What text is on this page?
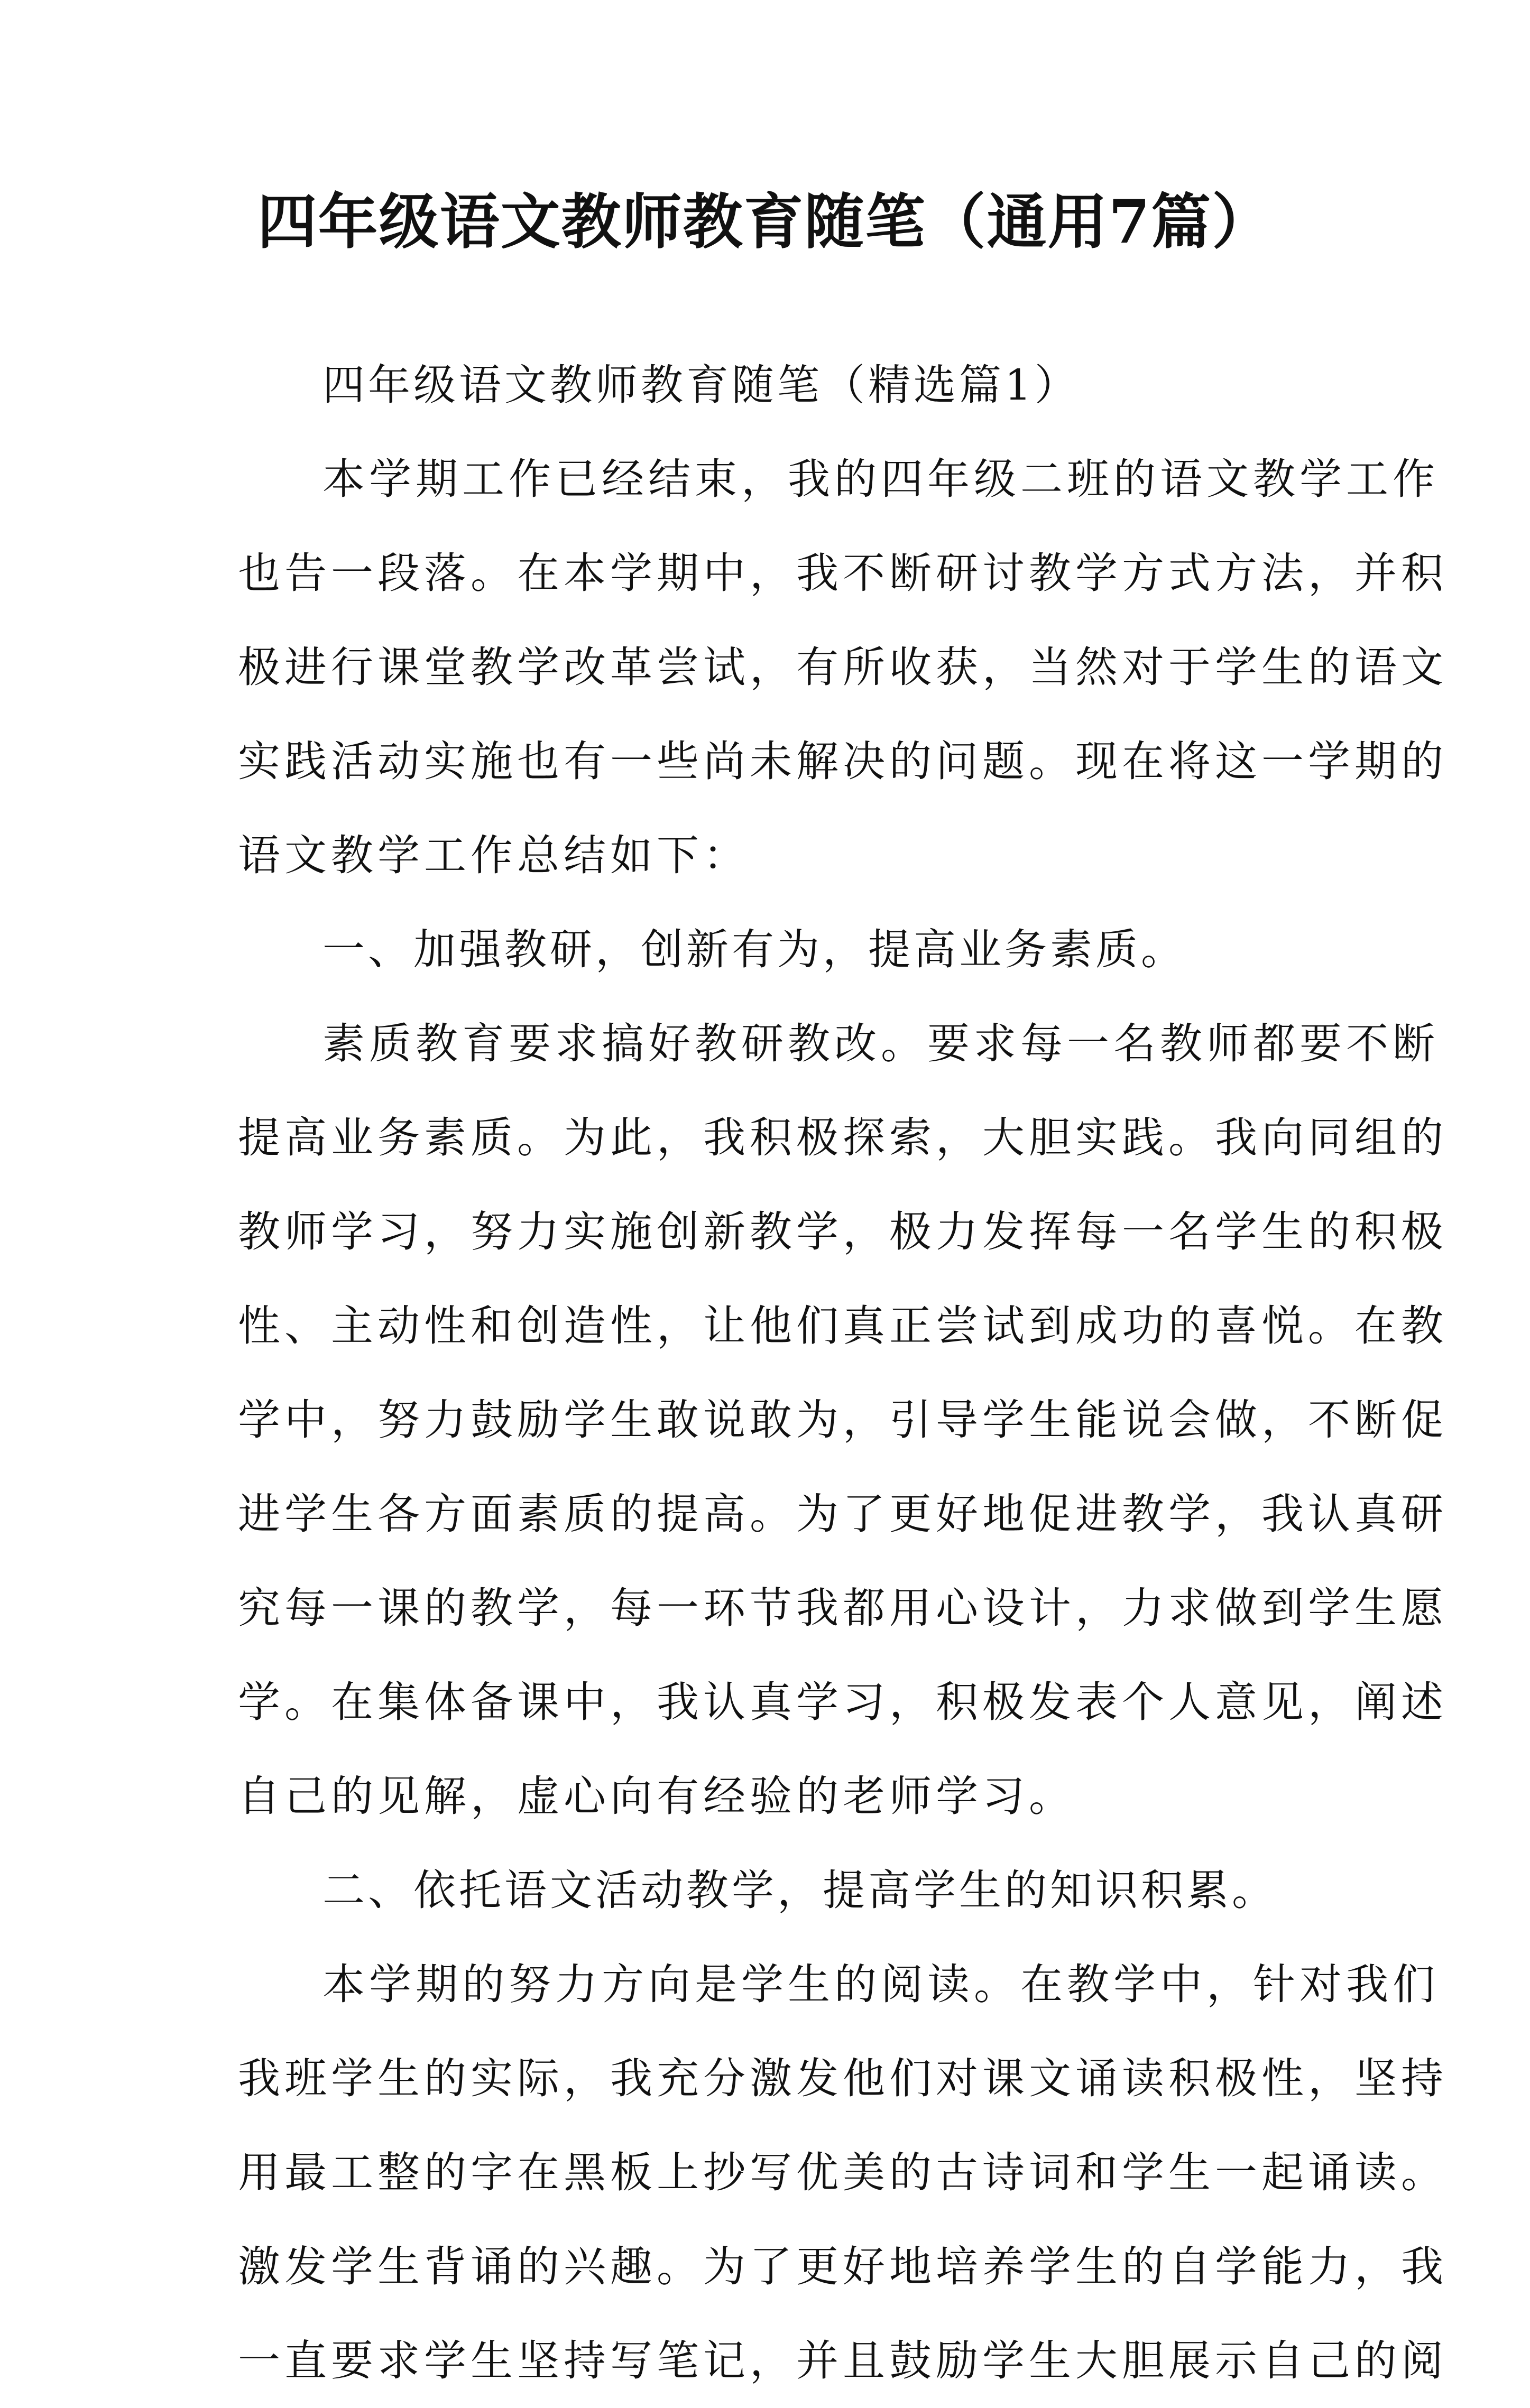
四年级语文教师教育随笔（通用7篇）
四年级语文教师教育随笔（精选篇1）
本学期工作已经结束，我的四年级二班的语文教学工作
也告一段落。在本学期中，我不断研讨教学方式方法，并积
极进行课堂教学改革尝试，有所收获，当然对于学生的语文
实践活动实施也有一些尚未解决的问题。现在将这一学期的
语文教学工作总结如下：
一、加强教研，创新有为，提高业务素质。
素质教育要求搞好教研教改。要求每一名教师都要不断
提高业务素质。为此，我积极探索，大胆实践。我向同组的
教师学习，努力实施创新教学，极力发挥每一名学生的积极
性、主动性和创造性，让他们真正尝试到成功的喜悦。在教
学中，努力鼓励学生敢说敢为，引导学生能说会做，不断促
进学生各方面素质的提高。为了更好地促进教学，我认真研
究每一课的教学，每一环节我都用心设计，力求做到学生愿
学。在集体备课中，我认真学习，积极发表个人意见，阐述
自己的见解，虚心向有经验的老师学习。
二、依托语文活动教学，提高学生的知识积累。
本学期的努力方向是学生的阅读。在教学中，针对我们
我班学生的实际，我充分激发他们对课文诵读积极性，坚持
用最工整的字在黑板上抄写优美的古诗词和学生一起诵读。
激发学生背诵的兴趣。为了更好地培养学生的自学能力，我
一直要求学生坚持写笔记，并且鼓励学生大胆展示自己的阅
